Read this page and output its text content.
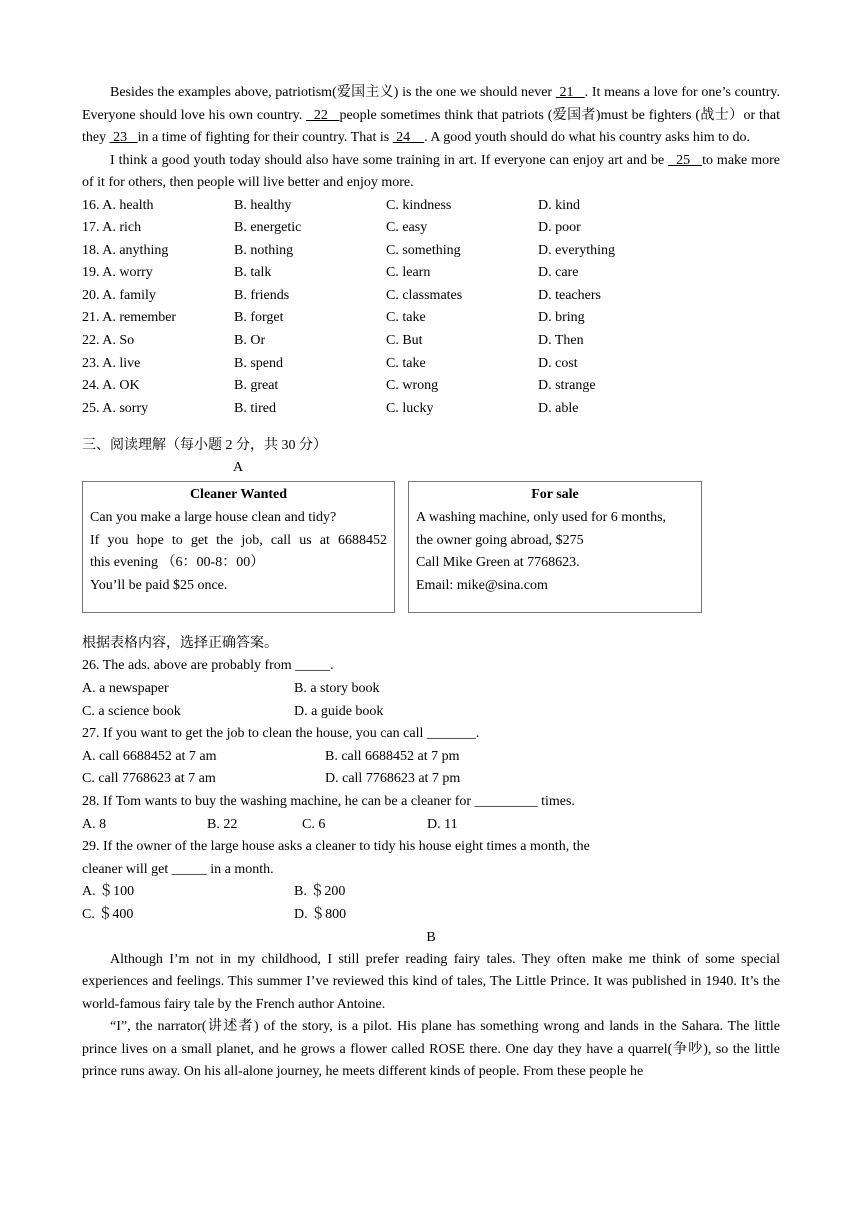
Besides the examples above, patriotism(爱国主义) is the one we should never  21   . It means a love for one’s country. Everyone should love his own country.   22   people sometimes think that patriots (爱国者)must be fighters (战士）or that they  23   in a time of fighting for their country. That is  24    . A good youth should do what his country asks him to do.

I think a good youth today should also have some training in art. If everyone can enjoy art and be   25   to make more of it for others, then people will live better and enjoy more.

16. A. health	B. healthy	C. kindness	D. kind
17. A. rich	B. energetic	C. easy	D. poor
18. A. anything	B. nothing	C. something	D. everything
19. A. worry	B. talk	C. learn	D. care
20. A. family	B. friends	C. classmates	D. teachers
21. A. remember	B. forget	C. take	D. bring
22. A. So	B. Or	C. But	D. Then
23. A. live	B. spend	C. take	D. cost
24. A. OK	B. great	C. wrong	D. strange
25. A. sorry	B. tired	C. lucky	D. able
三、阅读理解（每小题 2 分，共 30 分）
A
Cleaner Wanted
Can you make a large house clean and tidy?
If you hope to get the job, call us at 6688452
this evening （6：00-8：00）
You’ll be paid $25 once.
For sale
A washing machine, only used for 6 months,
the owner going abroad, $275
Call Mike Green at 7768623.
Email: mike@sina.com
根据表格内容，选择正确答案。
26. The ads. above are probably from _____.
A. a newspaper	B. a story book
C. a science book	D. a guide book
27. If you want to get the job to clean the house, you can call _______.
A. call 6688452 at 7 am	B. call 6688452 at 7 pm
C. call 7768623 at 7 am	D. call 7768623 at 7 pm
28. If Tom wants to buy the washing machine, he can be a cleaner for _________ times.
A. 8	B. 22	C. 6	D. 11
29. If the owner of the large house asks a cleaner to tidy his house eight times a month, the
cleaner will get _____ in a month.
A. ＄100	B. ＄200
C. ＄400	D. ＄800
B

Although I’m not in my childhood, I still prefer reading fairy tales. They often make me think of some special experiences and feelings. This summer I’ve reviewed this kind of tales, The Little Prince. It was published in 1940. It’s the world-famous fairy tale by the French author Antoine.

“I”, the narrator(讲述者) of the story, is a pilot. His plane has something wrong and lands in the Sahara. The little prince lives on a small planet, and he grows a flower called ROSE there. One day they have a quarrel(争吵), so the little prince runs away. On his all-alone journey, he meets different kinds of people. From these people he
